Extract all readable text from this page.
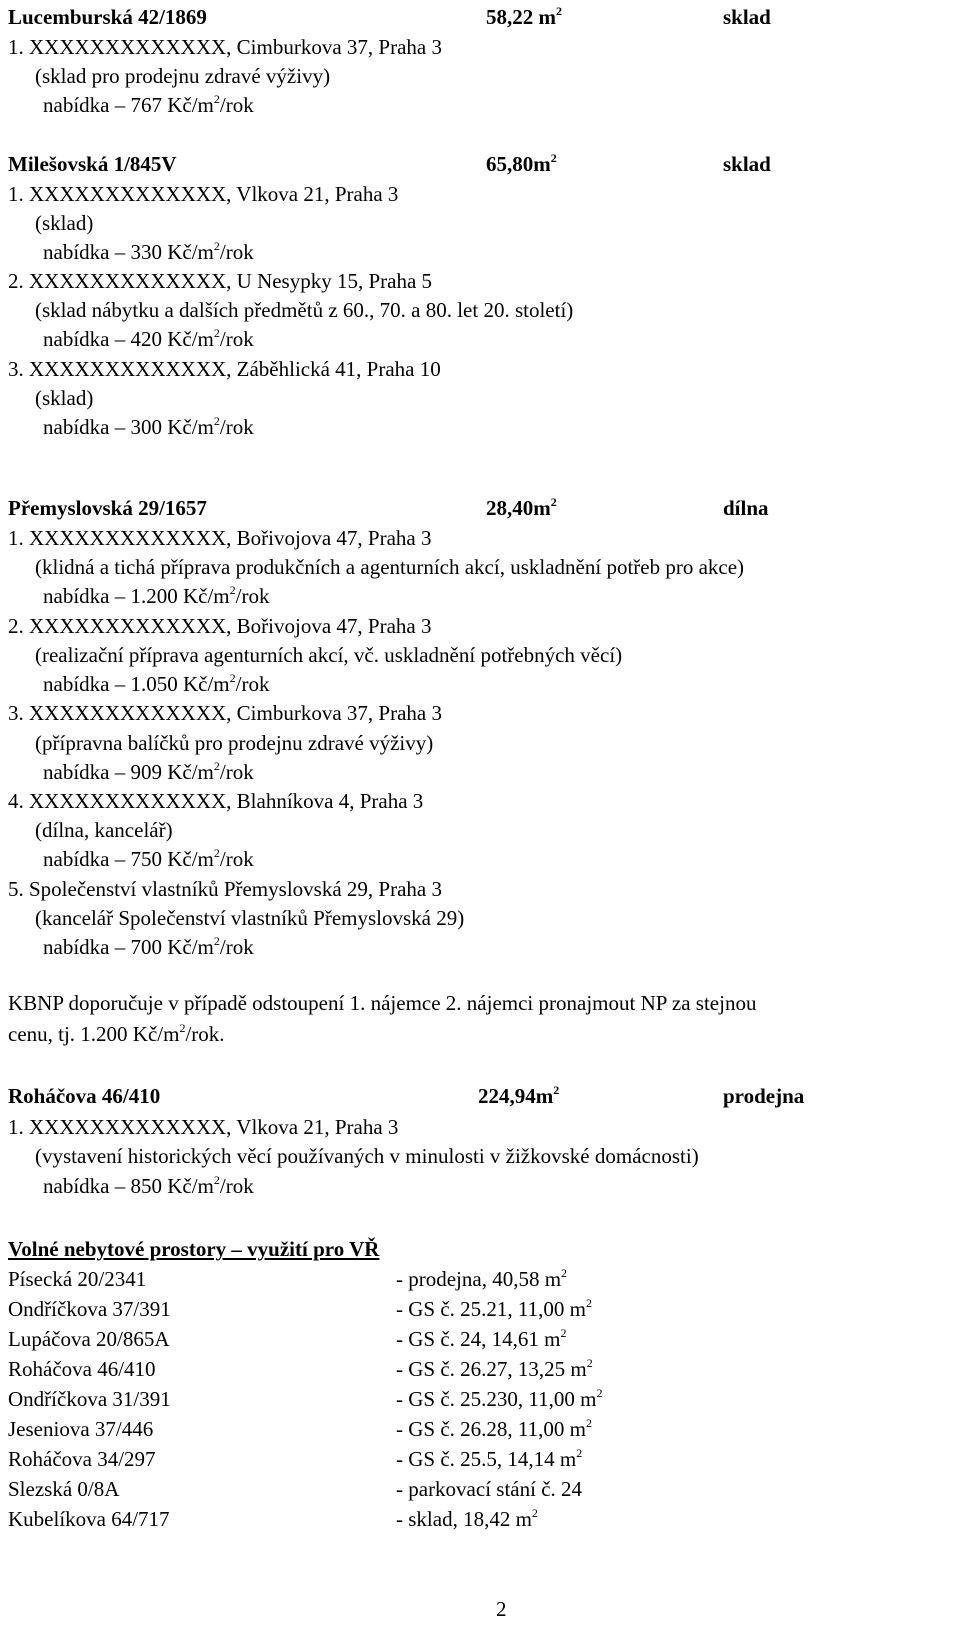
Lucemburská 42/1869	58,22 $m^2$	sklad
1. XXXXXXXXXXXXX, Cimburkova 37, Praha 3
(sklad pro prodejnu zdravé výživy)
nabídka – 767 $Kč/m^2$/rok
Milešovská 1/845V	$65,80m^2$	sklad
1. XXXXXXXXXXXXX, Vlkova 21, Praha 3
(sklad)
nabídka – 330 $Kč/m^2$/rok
2. XXXXXXXXXXXXX, U Nesypky 15, Praha 5
(sklad nábytku a dalších předmětů z 60., 70. a 80. let 20. století)
nabídka – 420 $Kč/m^2$/rok
3. XXXXXXXXXXXXX, Záběhlická 41, Praha 10
(sklad)
nabídka – 300 $Kč/m^2$/rok
Přemyslovská 29/1657	$28,40m^2$	dílna
1. XXXXXXXXXXXXX, Bořivojova 47, Praha 3
(klidná a tichá příprava produkčních a agenturních akcí, uskladnění potřeb pro akce)
nabídka – 1.200 $Kč/m^2$/rok
2. XXXXXXXXXXXXX, Bořivojova 47, Praha 3
(realizační příprava agenturních akcí, vč. uskladnění potřebných věcí)
nabídka – 1.050 $Kč/m^2$/rok
3. XXXXXXXXXXXXX, Cimburkova 37, Praha 3
(přípravna balíčků pro prodejnu zdravé výživy)
nabídka – 909 $Kč/m^2$/rok
4. XXXXXXXXXXXXX, Blahníkova 4, Praha 3
(dílna, kancelář)
nabídka – 750 $Kč/m^2$/rok
5. Společenství vlastníků Přemyslovská 29, Praha 3
(kancelář Společenství vlastníků Přemyslovská 29)
nabídka – 700 $Kč/m^2$/rok
KBNP doporučuje v případě odstoupení 1. nájemce 2. nájemci pronajmout NP za stejnou
cenu, tj. 1.200 $Kč/m^2$/rok.
Roháčova 46/410	$224,94m^2$	prodejna
1. XXXXXXXXXXXXX, Vlkova 21, Praha 3
(vystavení historických věcí používaných v minulosti v žižkovské domácnosti)
nabídka – 850 $Kč/m^2$/rok
Volné nebytové prostory – využití pro VŘ
Písecká 20/2341	- prodejna, 40,58 $m^2$
Ondříčkova 37/391	- GS č. 25.21, 11,00 $m^2$
Lupáčova 20/865A	- GS č. 24, 14,61 $m^2$
Roháčova 46/410	- GS č. 26.27, 13,25 $m^2$
Ondříčkova 31/391	- GS č. 25.230, 11,00 $m^2$
Jeseniova 37/446	- GS č. 26.28, 11,00 $m^2$
Roháčova 34/297	- GS č. 25.5, 14,14 $m^2$
Slezská 0/8A	- parkovací stání č. 24
Kubelíkova 64/717	- sklad, 18,42 $m^2$
2
